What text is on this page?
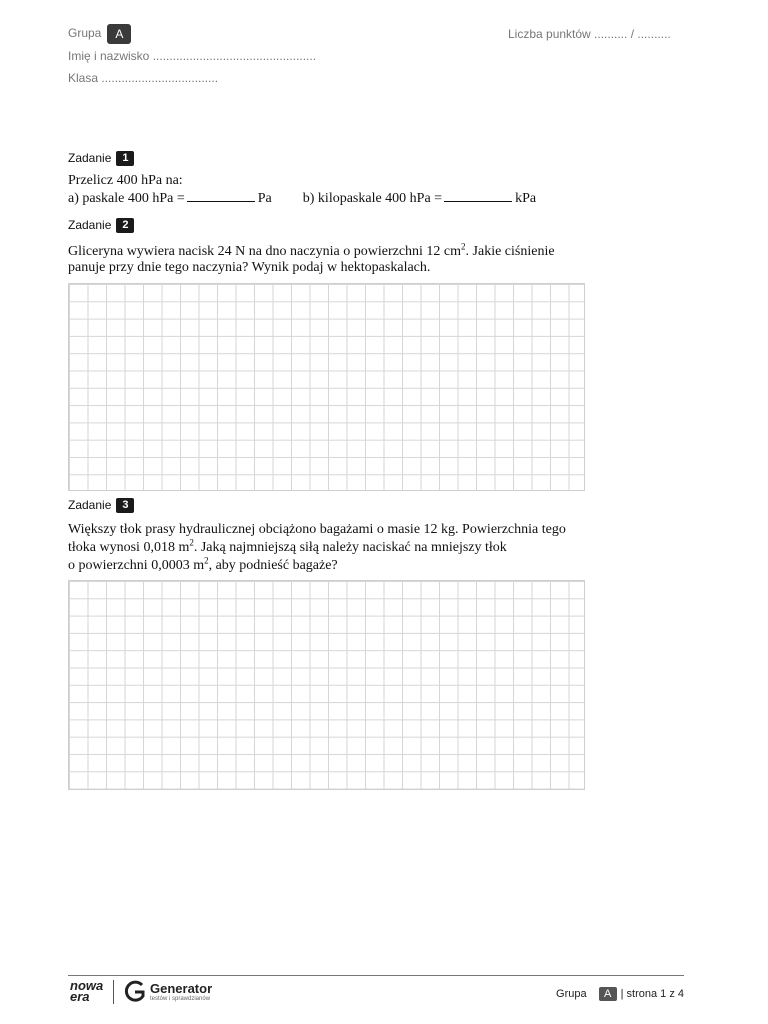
Grupa A	Liczba punktów .......... / ..........
Imię i nazwisko .................................................
Klasa ...................................
Zadanie 1
Przelicz 400 hPa na:
a) paskale 400 hPa =	Pa b) kilopaskale 400 hPa =	kPa
Zadanie 2
Gliceryna wywiera nacisk 24 N na dno naczynia o powierzchni 12 $cm^2$. Jakie ciśnienie
panuje przy dnie tego naczynia? Wynik podaj w hektopaskalach.
Zadanie 3
Większy tłok prasy hydraulicznej obciążono bagażami o masie 12 kg. Powierzchnia tego
tłoka wynosi 0,018 $m^2$. Jaką najmniejszą siłą należy naciskać na mniejszy tłok
o powierzchni 0,0003 $m^2$, aby podnieść bagaże?
nowa
era
Generator
testów i sprawdzianów	Grupa A | strona 1 z 4
